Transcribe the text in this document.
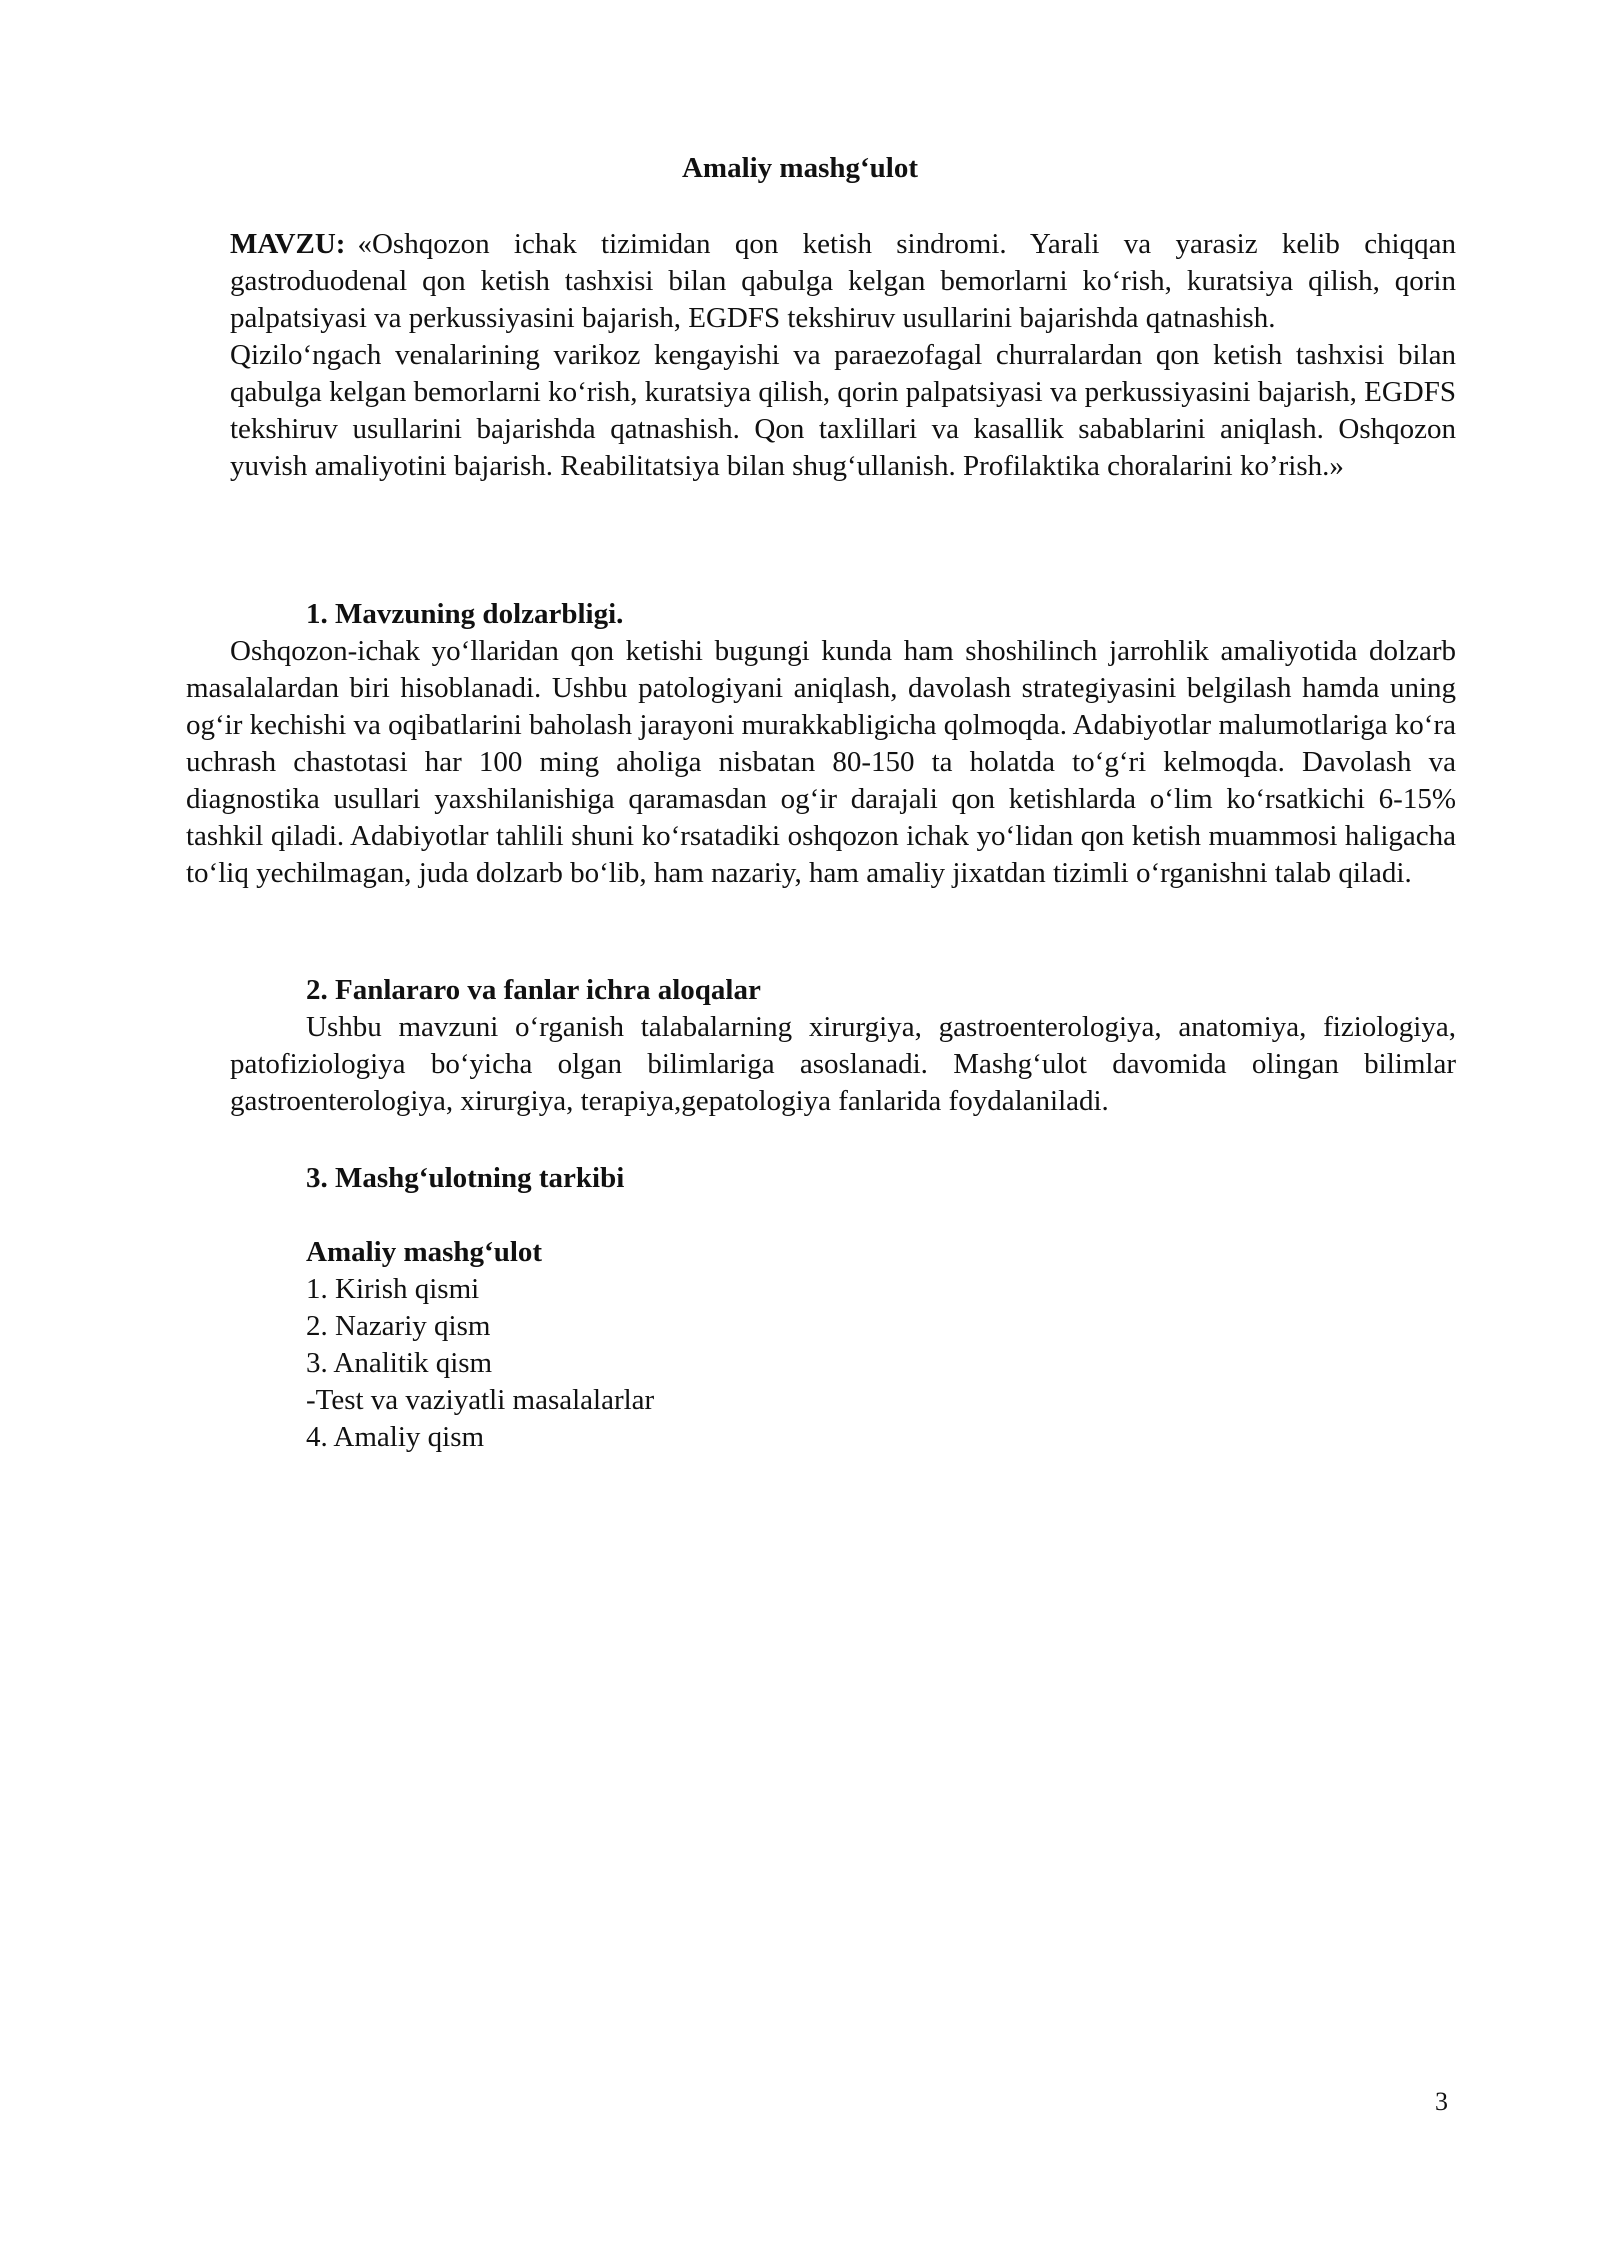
Amaliy mashg‘ulot

MAVZU: «Oshqozon ichak tizimidan qon ketish sindromi. Yarali va yarasiz kelib chiqqan gastroduodenal qon ketish tashxisi bilan qabulga kelgan bemorlarni ko‘rish, kuratsiya qilish, qorin palpatsiyasi va perkussiyasini bajarish, EGDFS tekshiruv usullarini bajarishda qatnashish.

Qizilo‘ngach venalarining varikoz kengayishi va paraezofagal churralardan qon ketish tashxisi bilan qabulga kelgan bemorlarni ko‘rish, kuratsiya qilish, qorin palpatsiyasi va perkussiyasini bajarish, EGDFS tekshiruv usullarini bajarishda qatnashish. Qon taxlillari va kasallik sabablarini aniqlash. Oshqozon yuvish amaliyotini bajarish. Reabilitatsiya bilan shug‘ullanish. Profilaktika choralarini ko’rish.»

1. Mavzuning dolzarbligi.

Oshqozon-ichak yo‘llaridan qon ketishi bugungi kunda ham shoshilinch jarrohlik amaliyotida dolzarb masalalardan biri hisoblanadi. Ushbu patologiyani aniqlash, davolash strategiyasini belgilash hamda uning og‘ir kechishi va oqibatlarini baholash jarayoni murakkabligicha qolmoqda. Adabiyotlar malumotlariga ko‘ra uchrash chastotasi har 100 ming aholiga nisbatan 80-150 ta holatda to‘g‘ri kelmoqda. Davolash va diagnostika usullari yaxshilanishiga qaramasdan og‘ir darajali qon ketishlarda o‘lim ko‘rsatkichi 6-15% tashkil qiladi. Adabiyotlar tahlili shuni ko‘rsatadiki oshqozon ichak yo‘lidan qon ketish muammosi haligacha to‘liq yechilmagan, juda dolzarb bo‘lib, ham nazariy, ham amaliy jixatdan tizimli o‘rganishni talab qiladi.

2. Fanlararo va fanlar ichra aloqalar

Ushbu mavzuni o‘rganish talabalarning xirurgiya, gastroenterologiya, anatomiya, fiziologiya, patofiziologiya bo‘yicha olgan bilimlariga asoslanadi. Mashg‘ulot davomida olingan bilimlar gastroenterologiya, xirurgiya, terapiya,gepatologiya fanlarida foydalaniladi.

3. Mashg‘ulotning tarkibi
Amaliy mashg‘ulot
1. Kirish qismi
2. Nazariy qism
3. Analitik qism
-Test va vaziyatli masalalarlar
4. Amaliy qism
3
